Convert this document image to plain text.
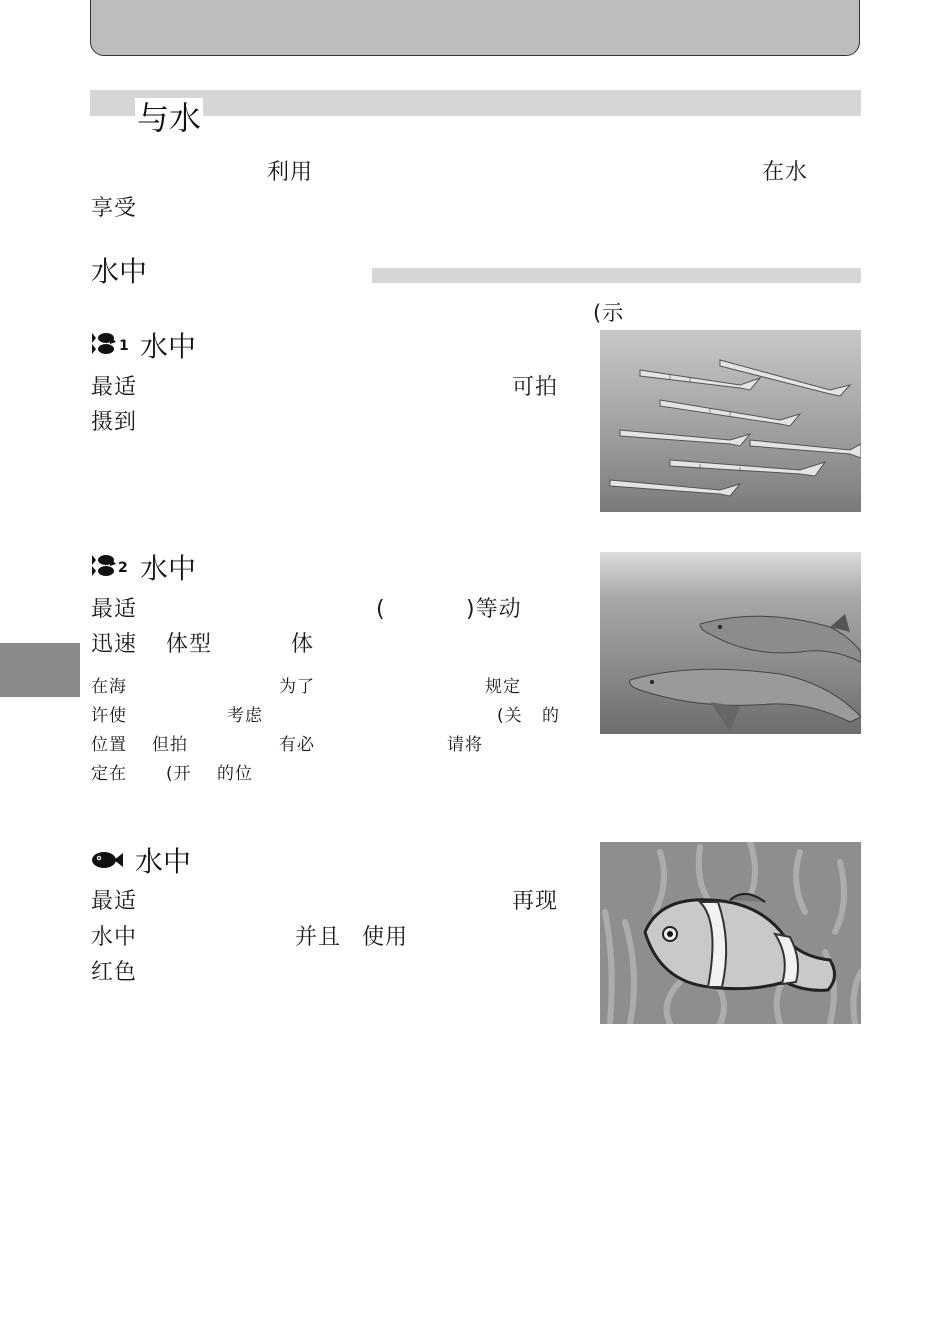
与水
利用	在水
享受
水中
(示
1 水中
最适	可拍
摄到
2 水中
最适	(	)等动
迅速 体型	体
在海	为了	规定
许使	考虑	(关 的
位置 但拍	有必	请将
定在 (开 的位
水中
最适	再现
水中	并且 使用
红色
